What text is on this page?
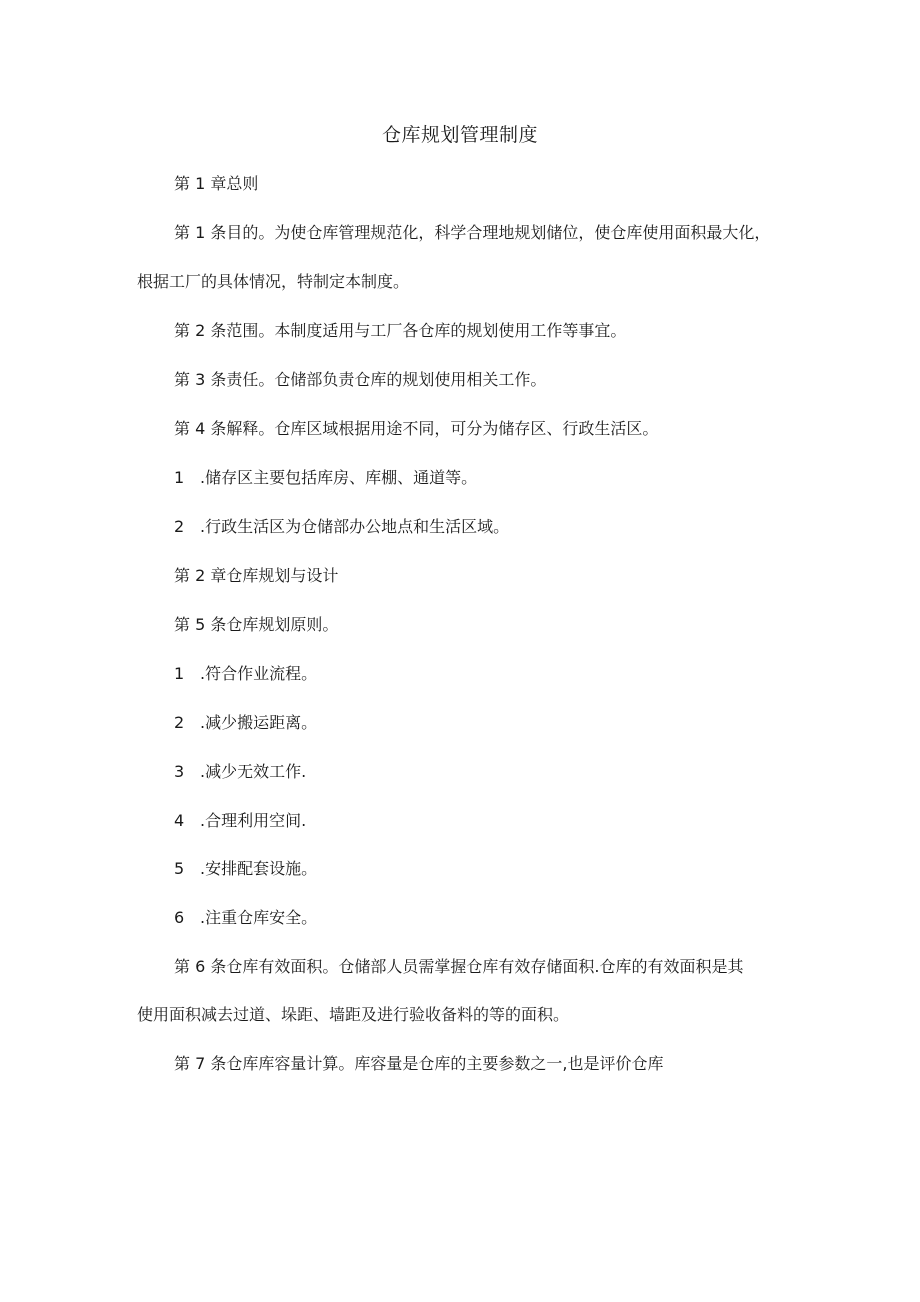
仓库规划管理制度
第 1 章总则
第 1 条目的。为使仓库管理规范化，科学合理地规划储位，使仓库使用面积最大化，
根据工厂的具体情况，特制定本制度。
第 2 条范围。本制度适用与工厂各仓库的规划使用工作等事宜。
第 3 条责任。仓储部负责仓库的规划使用相关工作。
第 4 条解释。仓库区域根据用途不同，可分为储存区、行政生活区。
1 .储存区主要包括库房、库棚、通道等。
2 .行政生活区为仓储部办公地点和生活区域。
第 2 章仓库规划与设计
第 5 条仓库规划原则。
1 .符合作业流程。
2 .减少搬运距离。
3 .减少无效工作.
4 .合理利用空间.
5 .安排配套设施。
6 .注重仓库安全。
第 6 条仓库有效面积。仓储部人员需掌握仓库有效存储面积.仓库的有效面积是其
使用面积减去过道、垛距、墙距及进行验收备料的等的面积。
第 7 条仓库库容量计算。库容量是仓库的主要参数之一,也是评价仓库
